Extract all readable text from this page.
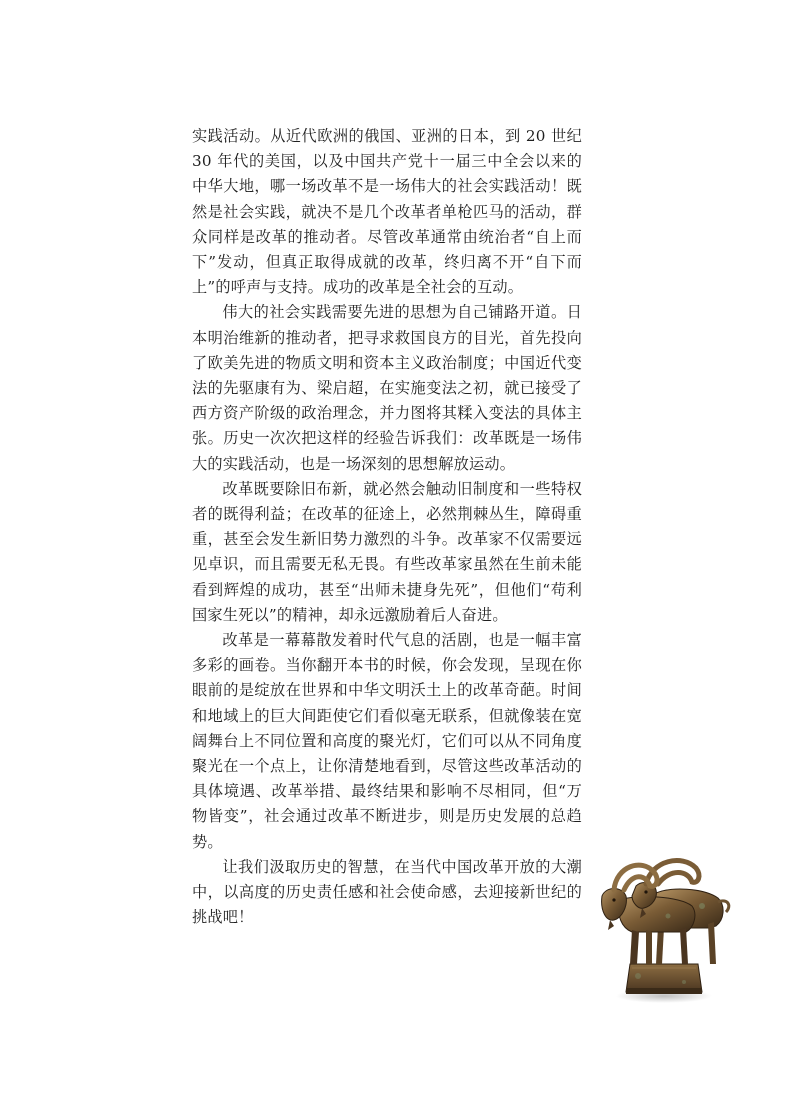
实践活动。从近代欧洲的俄国、亚洲的日本，到 20 世纪 30 年代的美国，以及中国共产党十一届三中全会以来的中华大地，哪一场改革不是一场伟大的社会实践活动！既然是社会实践，就决不是几个改革者单枪匹马的活动，群众同样是改革的推动者。尽管改革通常由统治者“自上而下”发动，但真正取得成就的改革，终归离不开“自下而上”的呼声与支持。成功的改革是全社会的互动。

伟大的社会实践需要先进的思想为自己铺路开道。日本明治维新的推动者，把寻求救国良方的目光，首先投向了欧美先进的物质文明和资本主义政治制度；中国近代变法的先驱康有为、梁启超，在实施变法之初，就已接受了西方资产阶级的政治理念，并力图将其糅入变法的具体主张。历史一次次把这样的经验告诉我们：改革既是一场伟大的实践活动，也是一场深刻的思想解放运动。

改革既要除旧布新，就必然会触动旧制度和一些特权者的既得利益；在改革的征途上，必然荆棘丛生，障碍重重，甚至会发生新旧势力激烈的斗争。改革家不仅需要远见卓识，而且需要无私无畏。有些改革家虽然在生前未能看到辉煌的成功，甚至“出师未捷身先死”，但他们“苟利国家生死以”的精神，却永远激励着后人奋进。

改革是一幕幕散发着时代气息的活剧，也是一幅丰富多彩的画卷。当你翻开本书的时候，你会发现，呈现在你眼前的是绽放在世界和中华文明沃土上的改革奇葩。时间和地域上的巨大间距使它们看似毫无联系，但就像装在宽阔舞台上不同位置和高度的聚光灯，它们可以从不同角度聚光在一个点上，让你清楚地看到，尽管这些改革活动的具体境遇、改革举措、最终结果和影响不尽相同，但“万物皆变”，社会通过改革不断进步，则是历史发展的总趋势。

让我们汲取历史的智慧，在当代中国改革开放的大潮中，以高度的历史责任感和社会使命感，去迎接新世纪的挑战吧！
